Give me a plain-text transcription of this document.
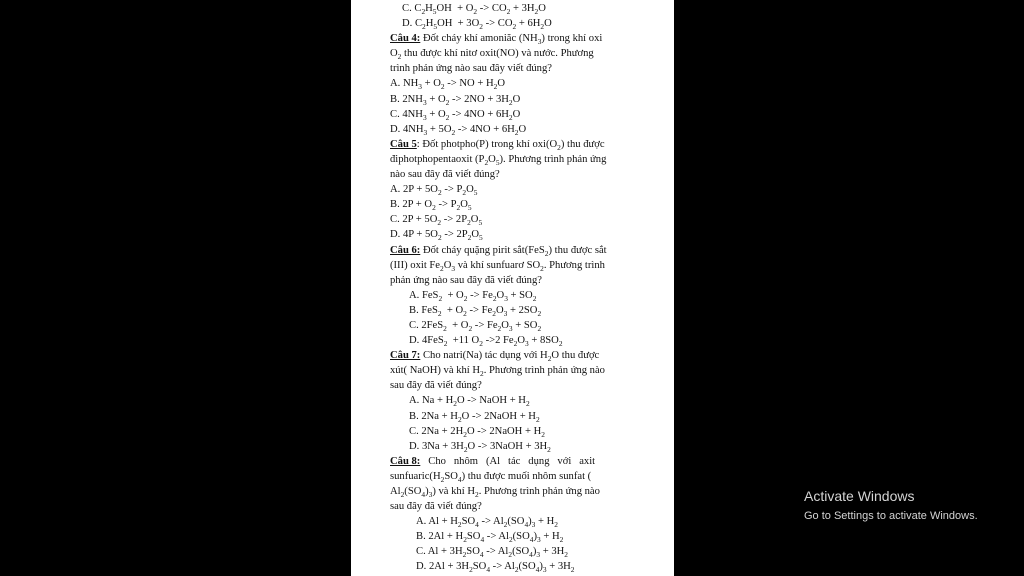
C. $C_2H_5OH + O_2 -> CO_2 + 3H_2O$
D. $C_2H_5OH + 3O_2 -> CO_2 + 6H_2O$
Câu 4: Đốt cháy khí amoniăc $(NH_3)$ trong khí oxi
$O_2$ thu được khí nitơ oxit(NO) và nước. Phương
trình phản ứng nào sau đây viết đúng?
A. $NH_3 + O_2$ -> NO + $H_2O$
B. $2NH_3 + O_2 -> 2NO + 3H_2O$
C. $4NH_3 + O_2 -> 4NO + 6H_2O$
D. $4NH_3 + 5O_2 -> 4NO + 6H_2O$
Câu 5: Đốt photpho(P) trong khí $oxi(O_2)$ thu được
điphotphopentaoxit $(P_2O_5)$. Phương trình phản ứng
nào sau đây đã viết đúng?
A. $2P + 5O_2 -> P_2O_5$
B. $2P + O_2 -> P_2O_5$
C. $2P + 5O_2 -> 2P_2O_5$
D. $4P + 5O_2 -> 2P_2O_5$
Câu 6: Đốt cháy quặng pirit sắt(FeS$_2$) thu được sắt
(III) oxit $Fe_2O_3$ và khí sunfuarơ $SO_2$. Phương trình
phản ứng nào sau đây đã viết đúng?
A. $FeS_2 + O_2 -> Fe_2O_3 + SO_2$
B. $FeS_2 + O_2 -> Fe_2O_3 + 2SO_2$
C. $2FeS_2 + O_2 -> Fe_2O_3 + SO_2$
D. 4FeS$_2$  +11 $O_2$ ->2 $Fe_2O_3 + 8SO_2$
Câu 7: Cho natri(Na) tác dụng với $H_2O$ thu được
xút( NaOH) và khí $H_2$. Phương trình phản ứng nào
sau đây đã viết đúng?
A. $Na + H_2O$ -> NaOH + $H_2$
B. $2Na + H_2O$ -> 2NaOH + $H_2$
C. $2Na + 2H_2O$ -> 2NaOH + $H_2$
D. $3Na + 3H_2O$ -> 3NaOH + $3H_2$
Câu 8:   Cho   nhôm   (Al   tác   dụng   với   axit
$sunfuaric(H_2SO_4)$ thu được muối nhôm sunfat (
$Al_2(SO_4)_3$) và khí $H_2$. Phương trình phản ứng nào
sau đây đã viết đúng?
A. $Al + H_2SO_4 -> Al_2(SO_4)_3 + H_2$
B. $2Al + H_2SO_4 -> Al_2(SO_4)_3 + H_2$
C. $Al + 3H_2SO_4 -> Al_2(SO_4)_3 + 3H_2$
D. $2Al + 3H_2SO_4 -> Al_2(SO_4)_3 + 3H_2$
Activate Windows
Go to Settings to activate Windows.
